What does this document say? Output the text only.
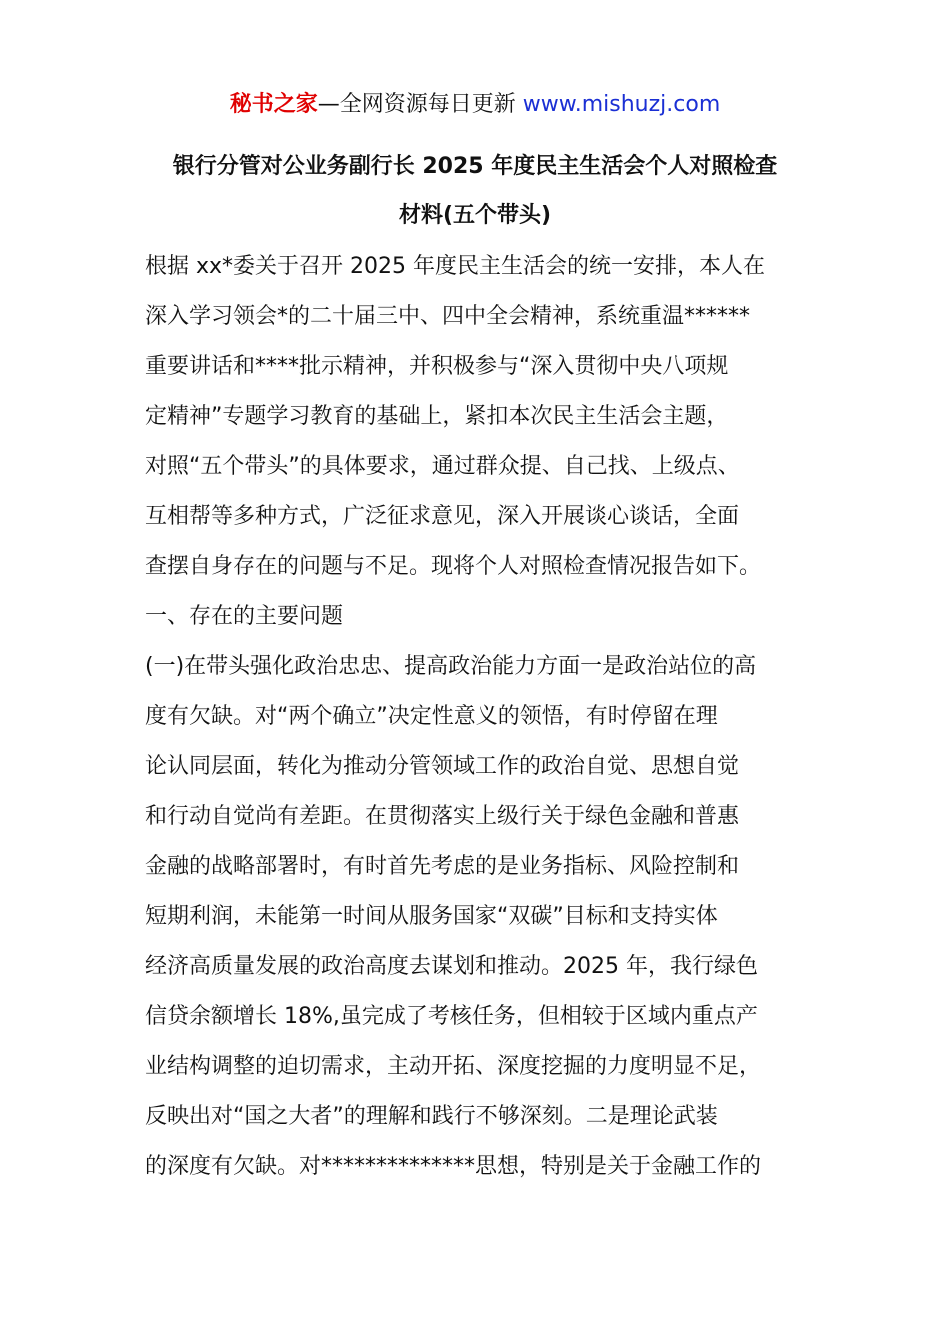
秘书之家—全网资源每日更新 www.mishuzj.com
银行分管对公业务副行长 2025 年度民主生活会个人对照检查
材料(五个带头)
根据 xx*委关于召开 2025 年度民主生活会的统一安排，本人在
深入学习领会*的二十届三中、四中全会精神，系统重温******
重要讲话和****批示精神，并积极参与“深入贯彻中央八项规
定精神”专题学习教育的基础上，紧扣本次民主生活会主题，
对照“五个带头”的具体要求，通过群众提、自己找、上级点、
互相帮等多种方式，广泛征求意见，深入开展谈心谈话，全面
查摆自身存在的问题与不足。现将个人对照检查情况报告如下。
一、存在的主要问题
(一)在带头强化政治忠忠、提高政治能力方面一是政治站位的高
度有欠缺。对“两个确立”决定性意义的领悟，有时停留在理
论认同层面，转化为推动分管领域工作的政治自觉、思想自觉
和行动自觉尚有差距。在贯彻落实上级行关于绿色金融和普惠
金融的战略部署时，有时首先考虑的是业务指标、风险控制和
短期利润，未能第一时间从服务国家“双碳”目标和支持实体
经济高质量发展的政治高度去谋划和推动。2025 年，我行绿色
信贷余额增长 18%,虽完成了考核任务，但相较于区域内重点产
业结构调整的迫切需求，主动开拓、深度挖掘的力度明显不足，
反映出对“国之大者”的理解和践行不够深刻。二是理论武装
的深度有欠缺。对**************思想，特别是关于金融工作的
